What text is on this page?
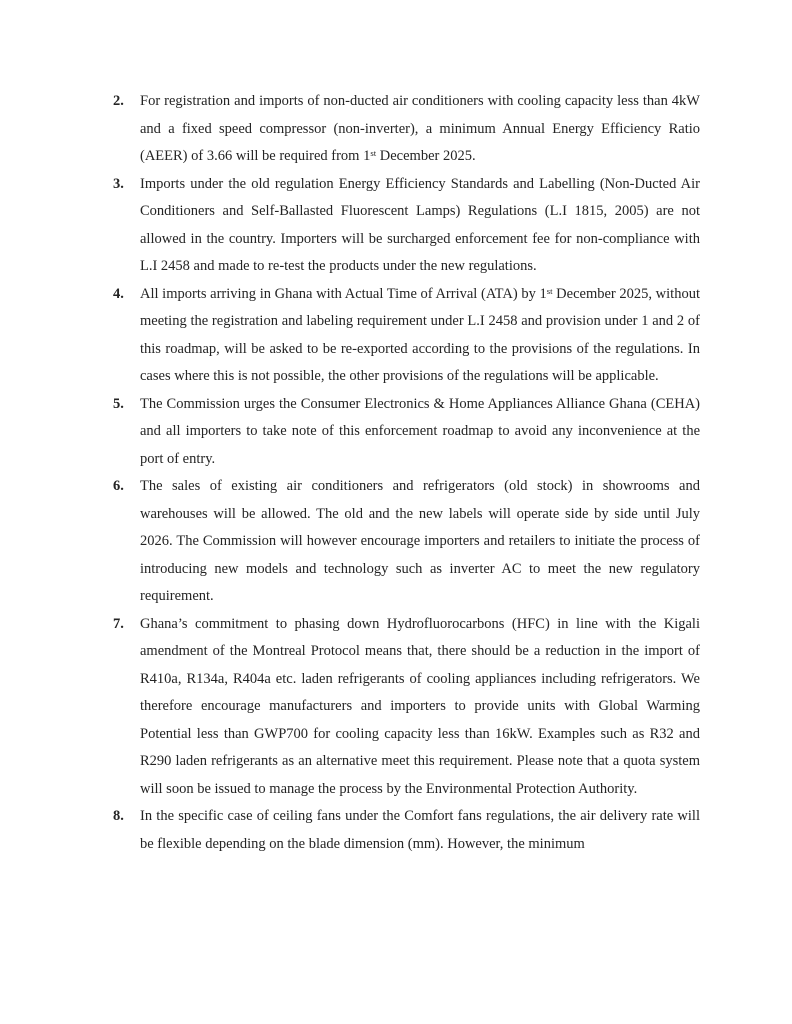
2.	For registration and imports of non-ducted air conditioners with cooling capacity less than 4kW and a fixed speed compressor (non-inverter), a minimum Annual Energy Efficiency Ratio (AEER) of 3.66 will be required from 1st December 2025.
3.	Imports under the old regulation Energy Efficiency Standards and Labelling (Non-Ducted Air Conditioners and Self-Ballasted Fluorescent Lamps) Regulations (L.I 1815, 2005) are not allowed in the country. Importers will be surcharged enforcement fee for non-compliance with L.I 2458 and made to re-test the products under the new regulations.
4.	All imports arriving in Ghana with Actual Time of Arrival (ATA) by 1st December 2025, without meeting the registration and labeling requirement under L.I 2458 and provision under 1 and 2 of this roadmap, will be asked to be re-exported according to the provisions of the regulations. In cases where this is not possible, the other provisions of the regulations will be applicable.
5.	The Commission urges the Consumer Electronics & Home Appliances Alliance Ghana (CEHA) and all importers to take note of this enforcement roadmap to avoid any inconvenience at the port of entry.
6.	The sales of existing air conditioners and refrigerators (old stock) in showrooms and warehouses will be allowed. The old and the new labels will operate side by side until July 2026. The Commission will however encourage importers and retailers to initiate the process of introducing new models and technology such as inverter AC to meet the new regulatory requirement.
7.	Ghana’s commitment to phasing down Hydrofluorocarbons (HFC) in line with the Kigali amendment of the Montreal Protocol means that, there should be a reduction in the import of R410a, R134a, R404a etc. laden refrigerants of cooling appliances including refrigerators. We therefore encourage manufacturers and importers to provide units with Global Warming Potential less than GWP700 for cooling capacity less than 16kW. Examples such as R32 and R290 laden refrigerants as an alternative meet this requirement. Please note that a quota system will soon be issued to manage the process by the Environmental Protection Authority.
8.	In the specific case of ceiling fans under the Comfort fans regulations, the air delivery rate will be flexible depending on the blade dimension (mm). However, the minimum
